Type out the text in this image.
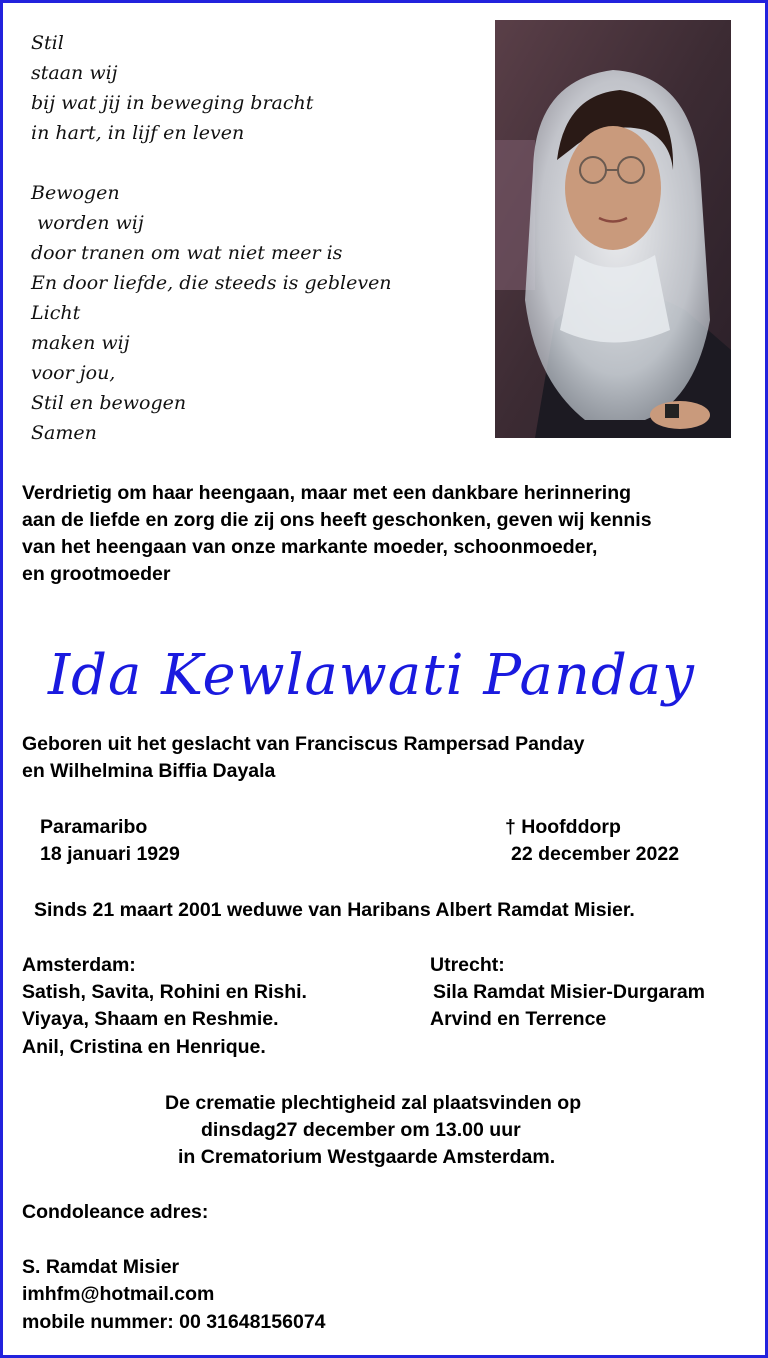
Stil
staan wij
bij wat jij in beweging bracht
in hart, in lijf en leven

Bewogen
worden wij
door tranen om wat niet meer is
En door liefde, die steeds is gebleven
Licht
maken wij
voor jou,
Stil en bewogen
Samen
Verdrietig om haar heengaan, maar met een dankbare herinnering
aan de liefde en zorg die zij ons heeft geschonken, geven wij kennis
van het heengaan van onze markante moeder, schoonmoeder,
en grootmoeder
Ida Kewlawati Panday
Geboren uit het geslacht van Franciscus Rampersad Panday
en Wilhelmina Biffia Dayala
Paramaribo
18 januari 1929
† Hoofddorp
22 december 2022
Sinds 21 maart 2001 weduwe van Haribans Albert Ramdat Misier.
Amsterdam:
Satish, Savita, Rohini en Rishi.
Viyaya, Shaam en Reshmie.
Anil, Cristina en Henrique.
Utrecht:
Sila Ramdat Misier-Durgaram
Arvind en Terrence
De crematie plechtigheid zal plaatsvinden op
dinsdag27 december om 13.00 uur
in Crematorium Westgaarde Amsterdam.
Condoleance adres:
S. Ramdat Misier
imhfm@hotmail.com
mobile nummer: 00 31648156074
